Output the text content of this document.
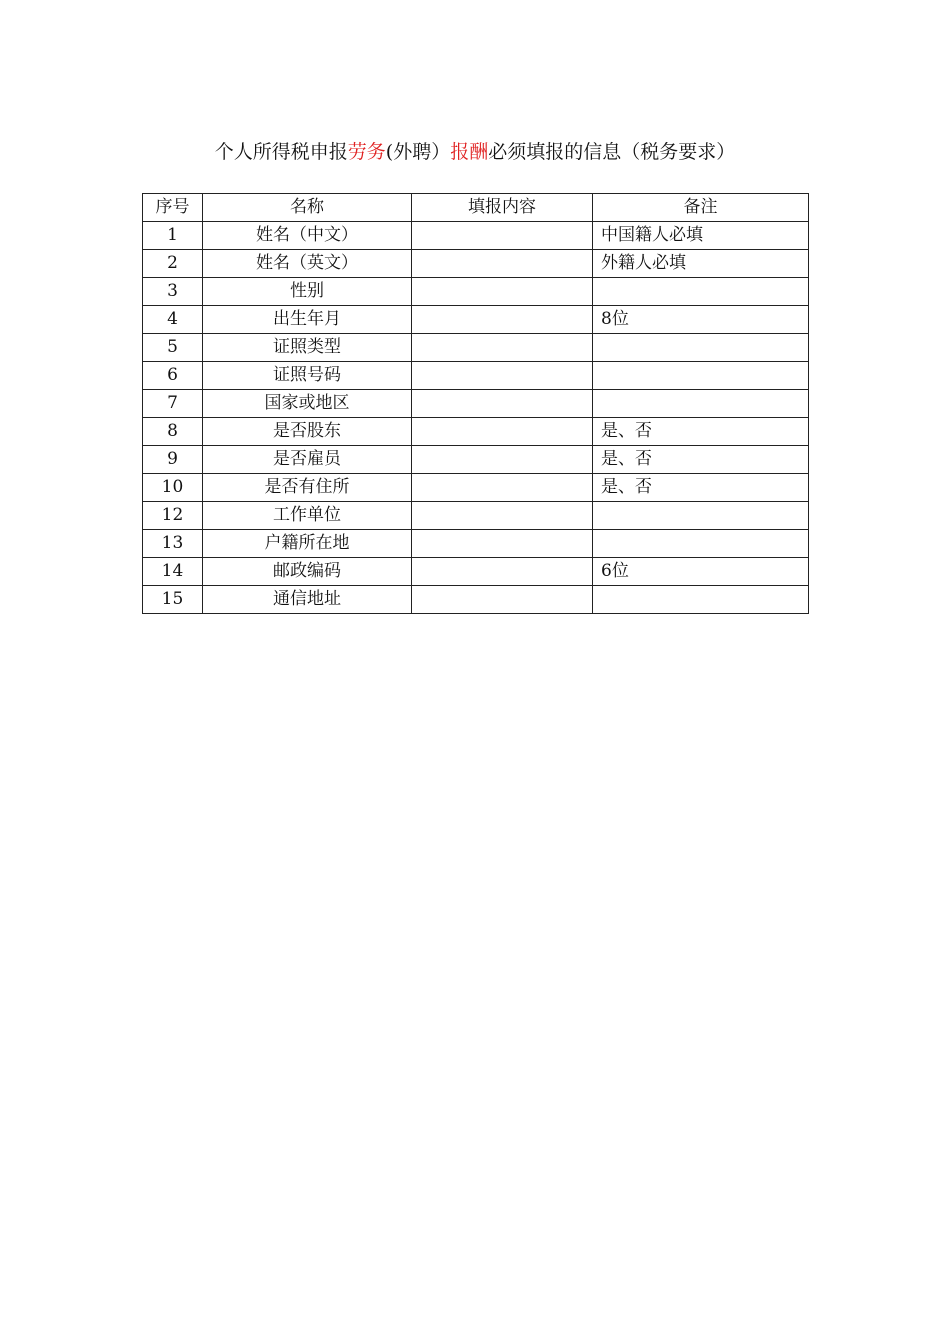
个人所得税申报劳务(外聘）报酬必须填报的信息（税务要求）
序号	名称	填报内容	备注
1	姓名（中文）		中国籍人必填
2	姓名（英文）		外籍人必填
3	性别		
4	出生年月		8位
5	证照类型		
6	证照号码		
7	国家或地区		
8	是否股东		是、否
9	是否雇员		是、否
10	是否有住所		是、否
12	工作单位		
13	户籍所在地		
14	邮政编码		6位
15	通信地址		
